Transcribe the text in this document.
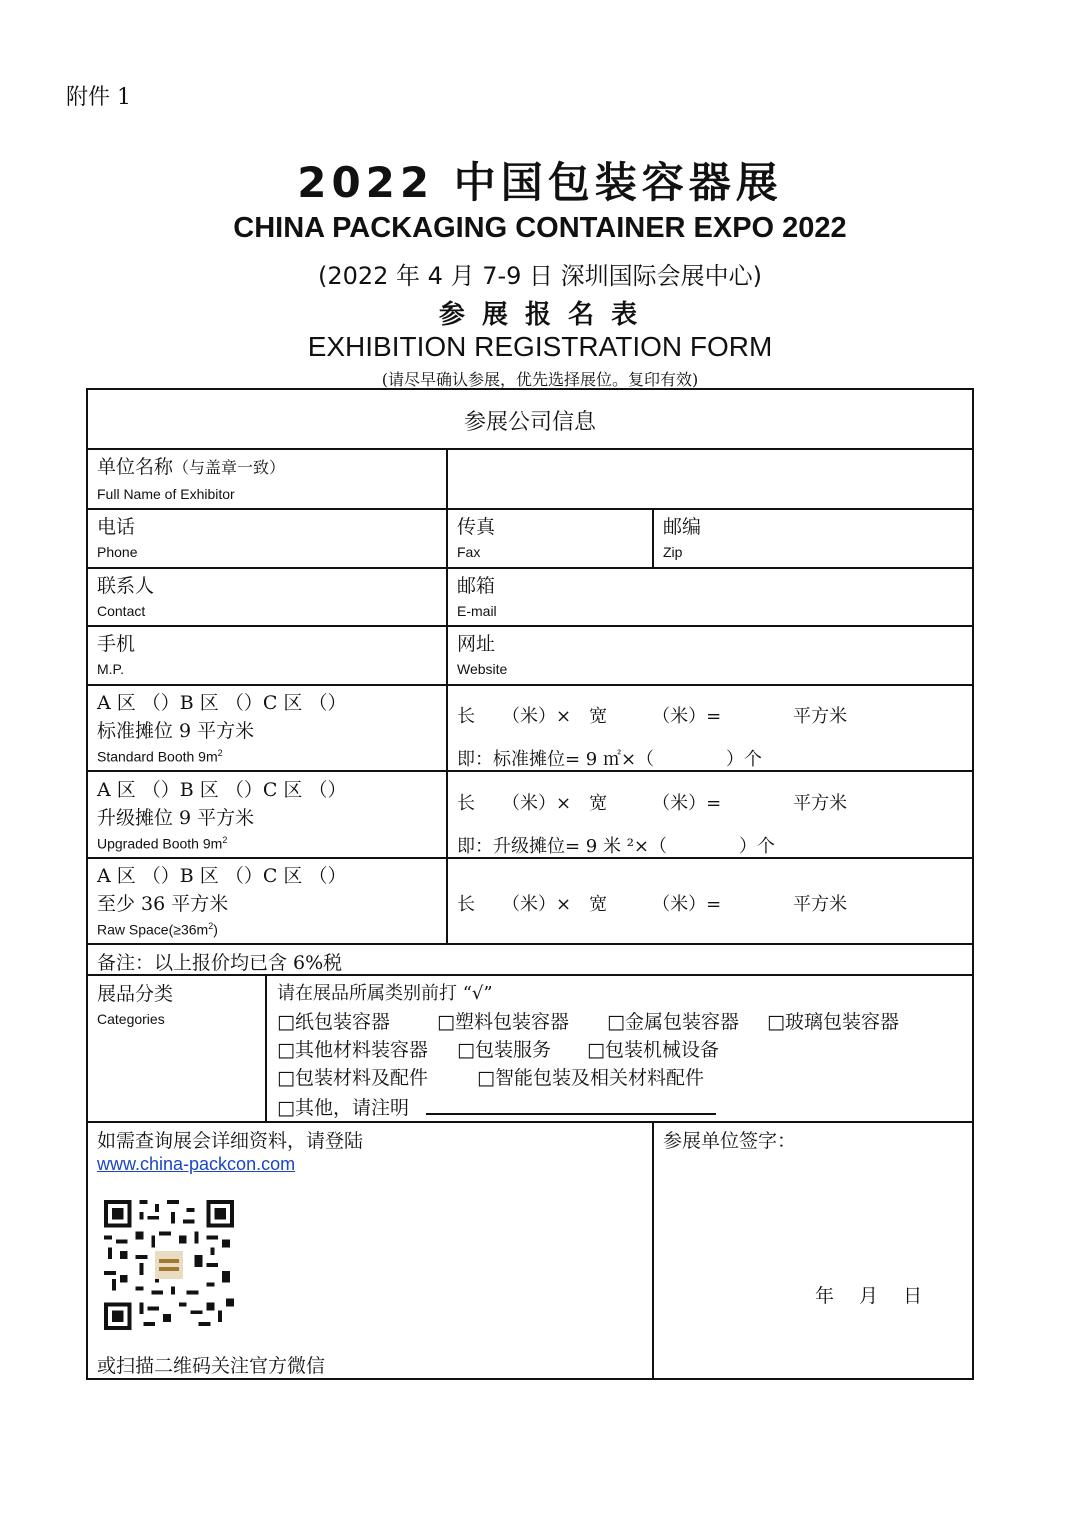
附件 1
2022 中国包装容器展
CHINA PACKAGING CONTAINER EXPO 2022
(2022 年 4 月 7-9 日 深圳国际会展中心)
参 展 报 名 表
EXHIBITION REGISTRATION FORM
(请尽早确认参展，优先选择展位。复印有效)
参展公司信息
单位名称（与盖章一致）
Full Name of Exhibitor
电话
Phone
传真
Fax
邮编
Zip
联系人
Contact
邮箱
E-mail
手机
M.P.
网址
Website
A 区 （）B 区 （）C 区 （）
标准摊位 9 平方米
Standard Booth $9m^2$
长　　（米）×　宽　　　（米）=　　　　平方米
即：标准摊位= 9 ㎡×（　　　　）个
A 区 （）B 区 （）C 区 （）
升级摊位 9 平方米
Upgraded Booth $9m^2$
长　　（米）×　宽　　　（米）=　　　　平方米
即：升级摊位= 9 米 ²×（　　　　）个
A 区 （）B 区 （）C 区 （）
至少 36 平方米
Raw $Space(\ge 36m^2)$
长　　（米）×　宽　　　（米）=　　　　平方米
备注：以上报价均已含 6%税
展品分类
Categories
请在展品所属类别前打 “√”
□纸包装容器 □塑料包装容器 □金属包装容器 □玻璃包装容器
□其他材料装容器 □包装服务 □包装机械设备
□包装材料及配件	□智能包装及相关材料配件
□其他，请注明
如需查询展会详细资料，请登陆
www.china-packcon.com
或扫描二维码关注官方微信
参展单位签字：
年　 月　 日
